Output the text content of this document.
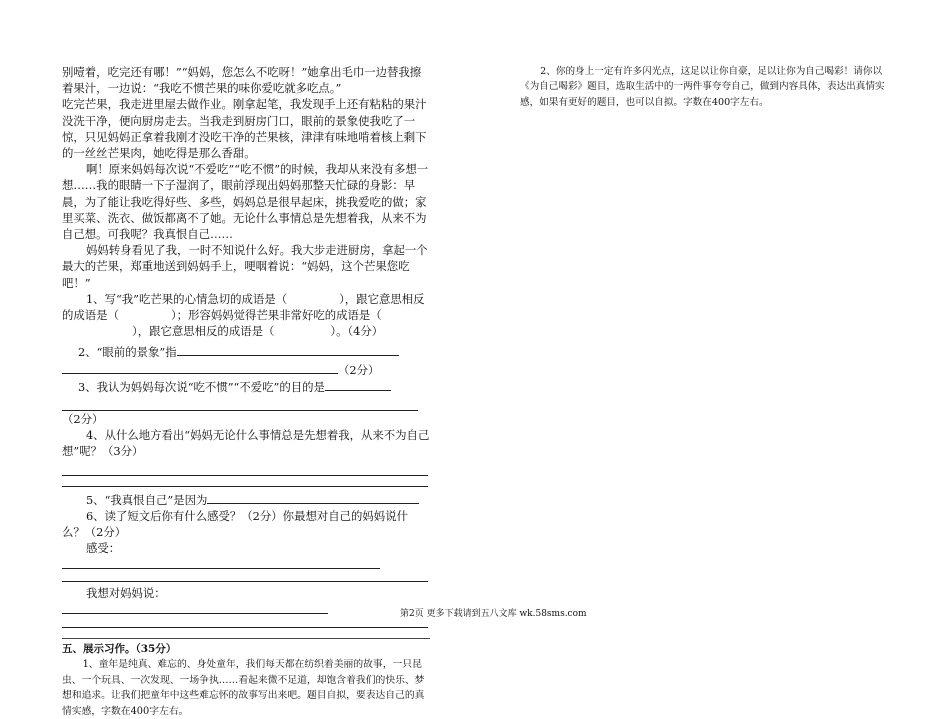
别噎着，吃完还有哪！”“妈妈，您怎么不吃呀！”她拿出毛巾一边替我擦着果汁，一边说：“我吃不惯芒果的味你爱吃就多吃点。”

吃完芒果，我走进里屋去做作业。刚拿起笔，我发现手上还有粘粘的果汁没洗干净，便向厨房走去。当我走到厨房门口，眼前的景象使我吃了一惊，只见妈妈正拿着我刚才没吃干净的芒果核，津津有味地啃着核上剩下的一丝丝芒果肉，她吃得是那么香甜。

啊！原来妈妈每次说“不爱吃”“吃不惯”的时候，我却从来没有多想一想……我的眼睛一下子湿润了，眼前浮现出妈妈那整天忙碌的身影：早晨，为了能让我吃得好些、多些，妈妈总是很早起床，挑我爱吃的做；家里买菜、洗衣、做饭都离不了她。无论什么事情总是先想着我，从来不为自己想。可我呢？我真恨自己……

妈妈转身看见了我，一时不知说什么好。我大步走进厨房，拿起一个最大的芒果，郑重地送到妈妈手上，哽咽着说：“妈妈，这个芒果您吃吧！”

1、写“我”吃芒果的心情急切的成语是（	），跟它意思相反的成语是（	）；形容妈妈觉得芒果非常好吃的成语是（），跟它意思相反的成语是（	）。（4分）

2、“眼前的景象”指

（2分）

3、我认为妈妈每次说“吃不惯”“不爱吃”的目的是

（2分）

4、从什么地方看出“妈妈无论什么事情总是先想着我，从来不为自己想”呢？（3分）

5、“我真恨自己”是因为

6、读了短文后你有什么感受？（2分）你最想对自己的妈妈说什么？（2分）

感受：

我想对妈妈说：

五、展示习作。（35分）

1、童年是纯真、难忘的、身处童年，我们每天都在纺织着美丽的故事，一只昆虫、一个玩具、一次发现、一场争执……看起来微不足道，却饱含着我们的快乐、梦想和追求。让我们把童年中这些难忘怀的故事写出来吧。题目自拟，要表达自己的真情实感，字数在400字左右。

2、你的身上一定有许多闪光点，这足以让你自豪，足以让你为自己喝彩！请你以《为自己喝彩》题目，选取生活中的一两件事夸夸自己，做到内容具体，表达出真情实感，如果有更好的题目，也可以自拟。字数在400字左右。

第2页 更多下载请到五八文库 wk.58sms.com
